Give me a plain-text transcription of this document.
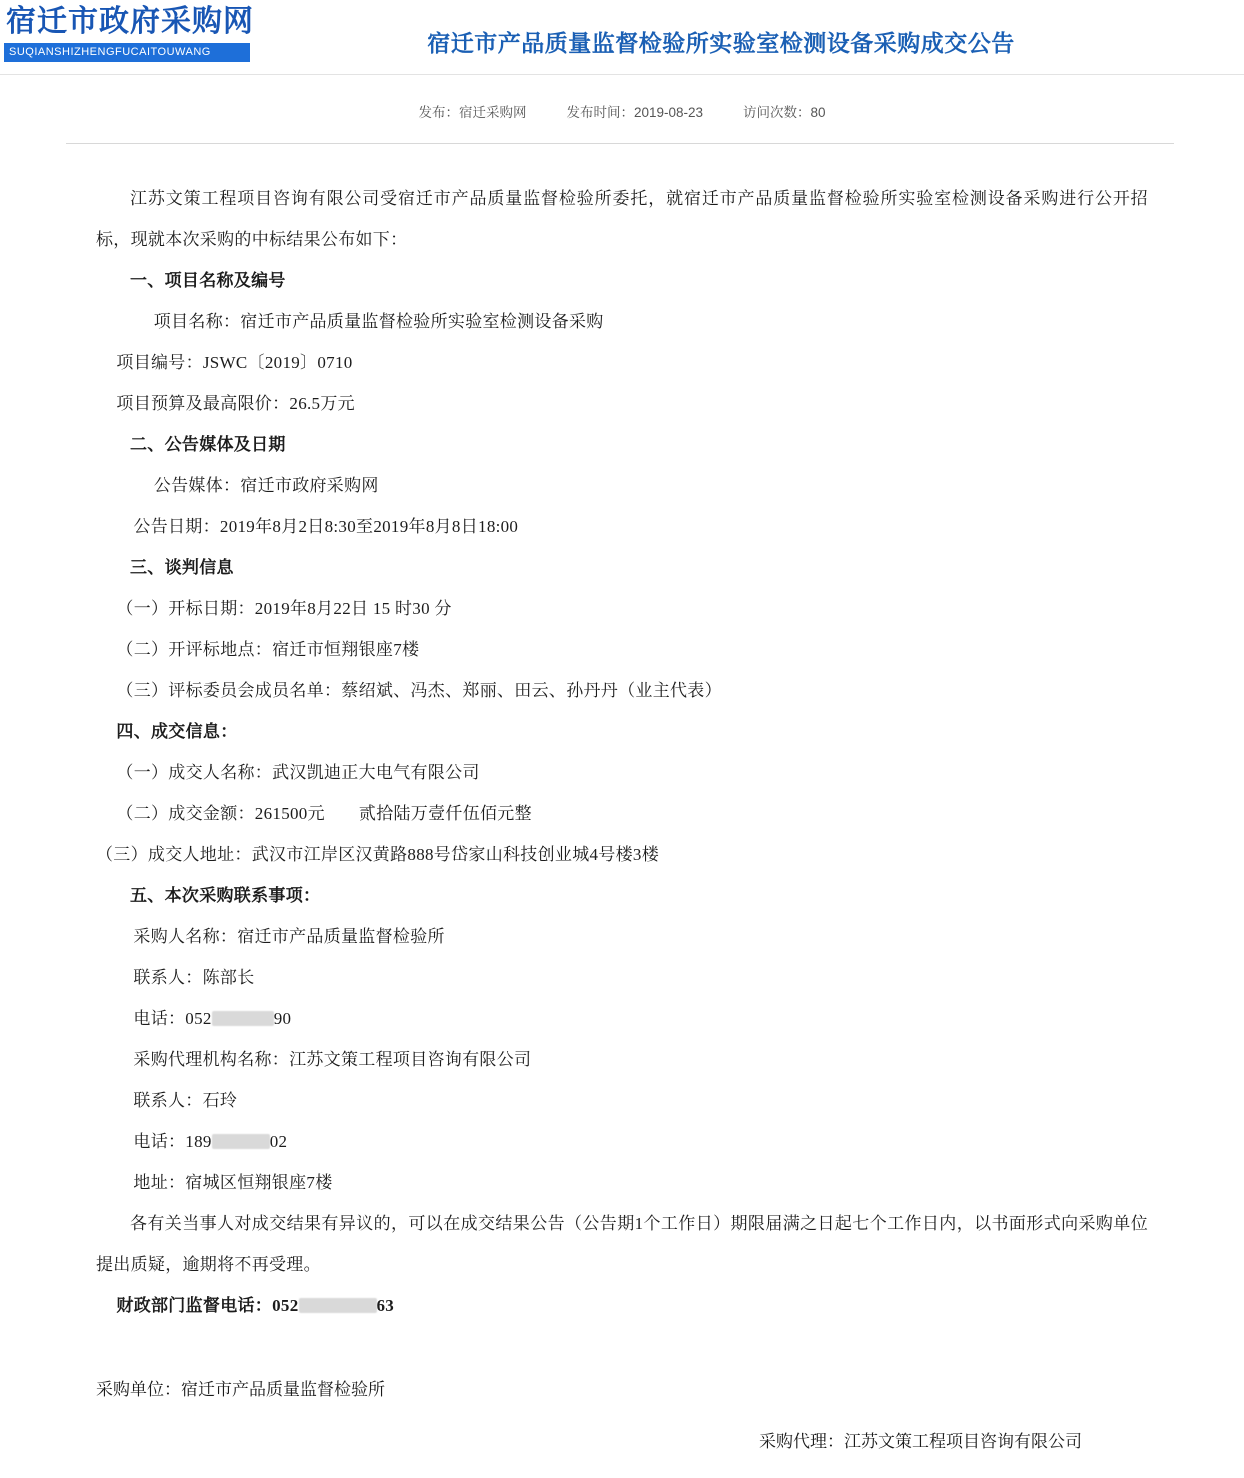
宿迁市政府采购网
SUQIANSHIZHENGFUCAITOUWANG	宿迁市产品质量监督检验所实验室检测设备采购成交公告
发布：宿迁采购网	发布时间：2019-08-23	访问次数：80

江苏文策工程项目咨询有限公司受宿迁市产品质量监督检验所委托，就宿迁市产品质量监督检验所实验室检测设备采购进行公开招标，现就本次采购的中标结果公布如下：

一、项目名称及编号

项目名称：宿迁市产品质量监督检验所实验室检测设备采购

项目编号：JSWC〔2019〕0710

项目预算及最高限价：26.5万元

二、公告媒体及日期

公告媒体：宿迁市政府采购网

公告日期：2019年8月2日8:30至2019年8月8日18:00

三、谈判信息

（一）开标日期：2019年8月22日 15 时30 分

（二）开评标地点：宿迁市恒翔银座7楼

（三）评标委员会成员名单：蔡绍斌、冯杰、郑丽、田云、孙丹丹（业主代表）

四、成交信息：

（一）成交人名称：武汉凯迪正大电气有限公司

（二）成交金额：261500元 贰拾陆万壹仟伍佰元整

（三）成交人地址：武汉市江岸区汉黄路888号岱家山科技创业城4号楼3楼

五、本次采购联系事项：

采购人名称：宿迁市产品质量监督检验所

联系人：陈部长

电话：052	90

采购代理机构名称：江苏文策工程项目咨询有限公司

联系人：石玲

电话：189	02

地址：宿城区恒翔银座7楼

各有关当事人对成交结果有异议的，可以在成交结果公告（公告期1个工作日）期限届满之日起七个工作日内，以书面形式向采购单位提出质疑，逾期将不再受理。

财政部门监督电话：052	63

采购单位：宿迁市产品质量监督检验所
采购代理：江苏文策工程项目咨询有限公司
